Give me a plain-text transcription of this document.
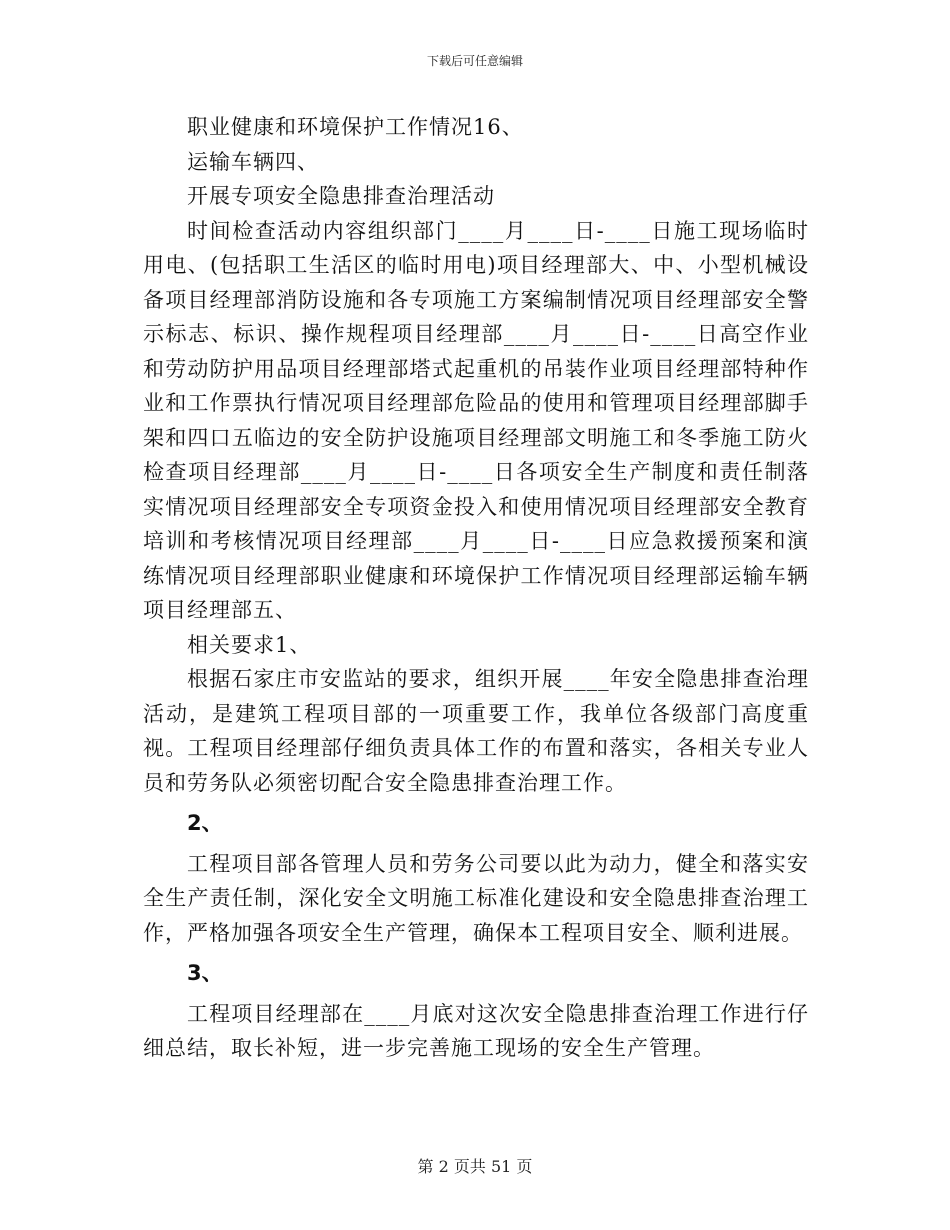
下载后可任意编辑

职业健康和环境保护工作情况16、

运输车辆四、

开展专项安全隐患排查治理活动

时间检查活动内容组织部门____月____日-____日施工现场临时用电、(包括职工生活区的临时用电)项目经理部大、中、小型机械设备项目经理部消防设施和各专项施工方案编制情况项目经理部安全警示标志、标识、操作规程项目经理部____月____日-____日高空作业和劳动防护用品项目经理部塔式起重机的吊装作业项目经理部特种作业和工作票执行情况项目经理部危险品的使用和管理项目经理部脚手架和四口五临边的安全防护设施项目经理部文明施工和冬季施工防火检查项目经理部____月____日-____日各项安全生产制度和责任制落实情况项目经理部安全专项资金投入和使用情况项目经理部安全教育培训和考核情况项目经理部____月____日-____日应急救援预案和演练情况项目经理部职业健康和环境保护工作情况项目经理部运输车辆项目经理部五、

相关要求1、

根据石家庄市安监站的要求，组织开展____年安全隐患排查治理活动，是建筑工程项目部的一项重要工作，我单位各级部门高度重视。工程项目经理部仔细负责具体工作的布置和落实，各相关专业人员和劳务队必须密切配合安全隐患排查治理工作。

2、

工程项目部各管理人员和劳务公司要以此为动力，健全和落实安全生产责任制，深化安全文明施工标准化建设和安全隐患排查治理工作，严格加强各项安全生产管理，确保本工程项目安全、顺利进展。

3、

工程项目经理部在____月底对这次安全隐患排查治理工作进行仔细总结，取长补短，进一步完善施工现场的安全生产管理。

第 2 页共 51 页
